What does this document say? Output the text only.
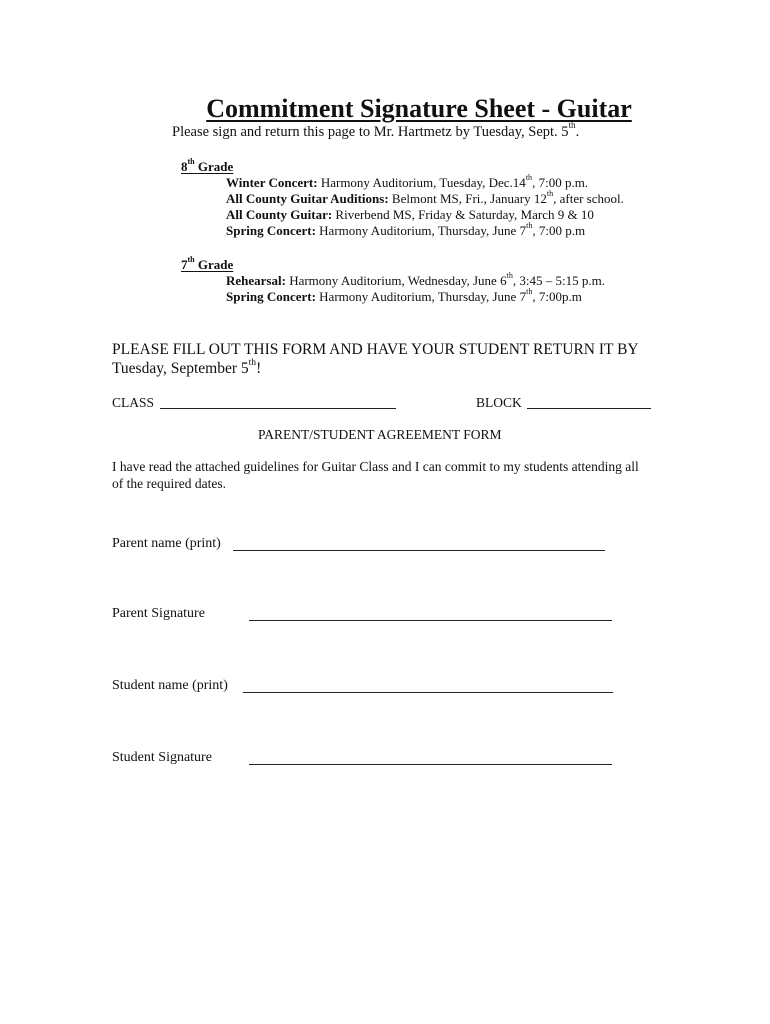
Commitment Signature Sheet - Guitar
Please sign and return this page to Mr. Hartmetz by Tuesday, Sept. 5th.
8th Grade
Winter Concert: Harmony Auditorium, Tuesday, Dec.14th, 7:00 p.m.
All County Guitar Auditions: Belmont MS, Fri., January 12th, after school.
All County Guitar: Riverbend MS, Friday & Saturday, March 9 & 10
Spring Concert: Harmony Auditorium, Thursday, June 7th, 7:00 p.m
7th Grade
Rehearsal: Harmony Auditorium, Wednesday, June 6th, 3:45 – 5:15 p.m.
Spring Concert: Harmony Auditorium, Thursday, June 7th, 7:00p.m
PLEASE FILL OUT THIS FORM AND HAVE YOUR STUDENT RETURN IT BY
Tuesday, September 5th!
CLASS	BLOCK
PARENT/STUDENT AGREEMENT FORM
I have read the attached guidelines for Guitar Class and I can commit to my students attending all
of the required dates.
Parent name (print)
Parent Signature
Student name (print)
Student Signature
